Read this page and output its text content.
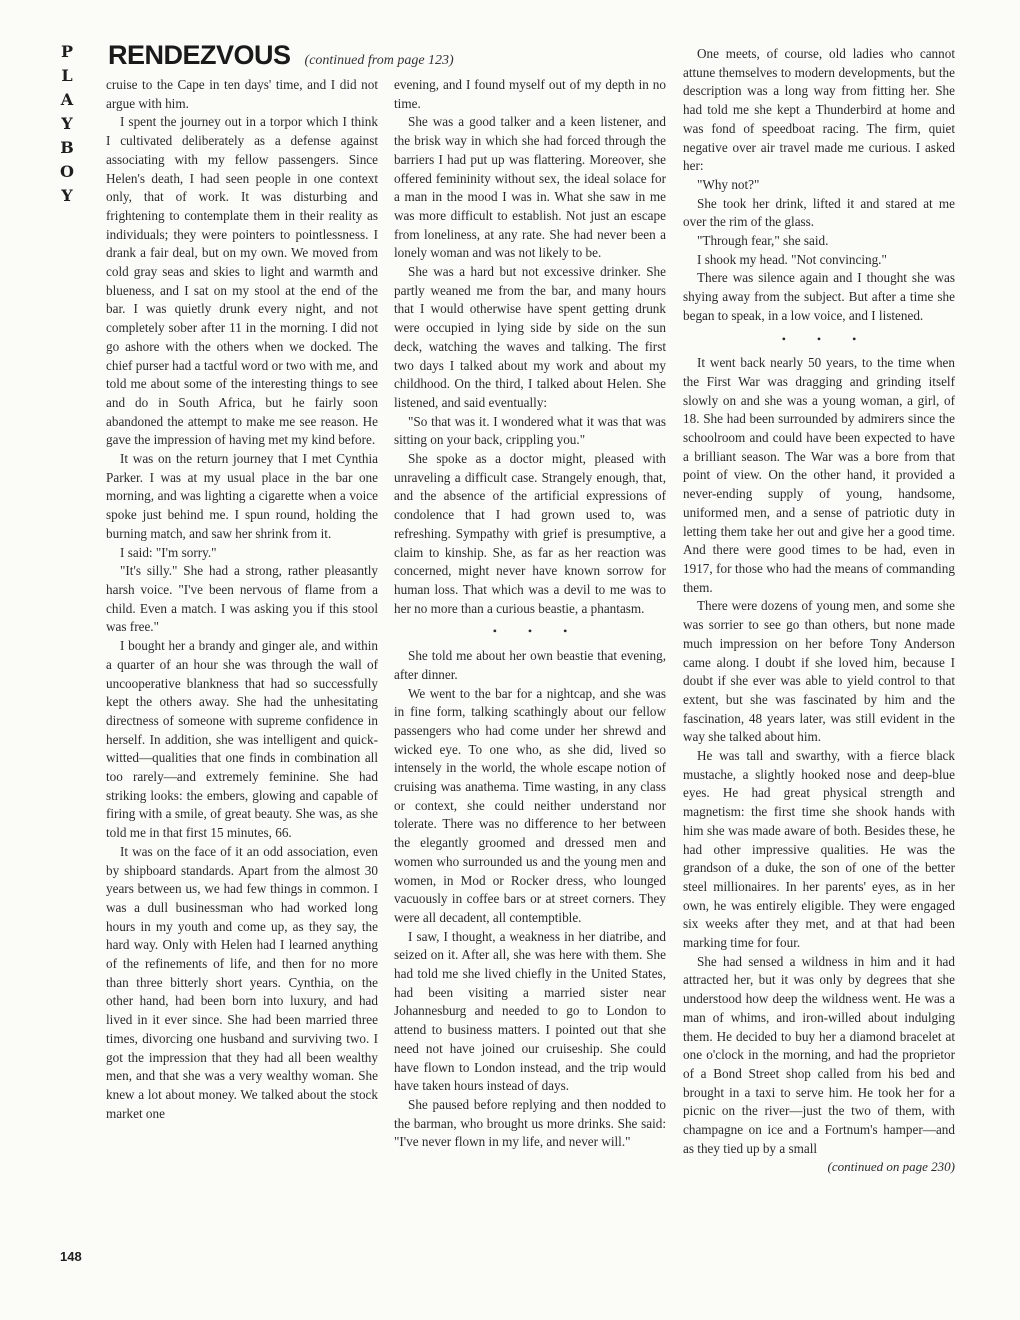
P
L
A
Y
B
O
Y
RENDEZVOUS (continued from page 123)

cruise to the Cape in ten days' time, and I did not argue with him.

I spent the journey out in a torpor which I think I cultivated deliberately as a defense against associating with my fellow passengers. Since Helen's death, I had seen people in one context only, that of work. It was disturbing and frightening to contemplate them in their reality as individuals; they were pointers to pointlessness. I drank a fair deal, but on my own. We moved from cold gray seas and skies to light and warmth and blueness, and I sat on my stool at the end of the bar. I was quietly drunk every night, and not completely sober after 11 in the morning. I did not go ashore with the others when we docked. The chief purser had a tactful word or two with me, and told me about some of the interesting things to see and do in South Africa, but he fairly soon abandoned the attempt to make me see reason. He gave the impression of having met my kind before.

It was on the return journey that I met Cynthia Parker. I was at my usual place in the bar one morning, and was lighting a cigarette when a voice spoke just behind me. I spun round, holding the burning match, and saw her shrink from it.

I said: "I'm sorry."

"It's silly." She had a strong, rather pleasantly harsh voice. "I've been nervous of flame from a child. Even a match. I was asking you if this stool was free."

I bought her a brandy and ginger ale, and within a quarter of an hour she was through the wall of uncooperative blankness that had so successfully kept the others away. She had the unhesitating directness of someone with supreme confidence in herself. In addition, she was intelligent and quick-witted—qualities that one finds in combination all too rarely—and extremely feminine. She had striking looks: the embers, glowing and capable of firing with a smile, of great beauty. She was, as she told me in that first 15 minutes, 66.

It was on the face of it an odd association, even by shipboard standards. Apart from the almost 30 years between us, we had few things in common. I was a dull businessman who had worked long hours in my youth and come up, as they say, the hard way. Only with Helen had I learned anything of the refinements of life, and then for no more than three bitterly short years. Cynthia, on the other hand, had been born into luxury, and had lived in it ever since. She had been married three times, divorcing one husband and surviving two. I got the impression that they had all been wealthy men, and that she was a very wealthy woman. She knew a lot about money. We talked about the stock market one

evening, and I found myself out of my depth in no time.

She was a good talker and a keen listener, and the brisk way in which she had forced through the barriers I had put up was flattering. Moreover, she offered femininity without sex, the ideal solace for a man in the mood I was in. What she saw in me was more difficult to establish. Not just an escape from loneliness, at any rate. She had never been a lonely woman and was not likely to be.

She was a hard but not excessive drinker. She partly weaned me from the bar, and many hours that I would otherwise have spent getting drunk were occupied in lying side by side on the sun deck, watching the waves and talking. The first two days I talked about my work and about my childhood. On the third, I talked about Helen. She listened, and said eventually:

"So that was it. I wondered what it was that was sitting on your back, crippling you."

She spoke as a doctor might, pleased with unraveling a difficult case. Strangely enough, that, and the absence of the artificial expressions of condolence that I had grown used to, was refreshing. Sympathy with grief is presumptive, a claim to kinship. She, as far as her reaction was concerned, might never have known sorrow for human loss. That which was a devil to me was to her no more than a curious beastie, a phantasm.

• • •

She told me about her own beastie that evening, after dinner.

We went to the bar for a nightcap, and she was in fine form, talking scathingly about our fellow passengers who had come under her shrewd and wicked eye. To one who, as she did, lived so intensely in the world, the whole escape notion of cruising was anathema. Time wasting, in any class or context, she could neither understand nor tolerate. There was no difference to her between the elegantly groomed and dressed men and women who surrounded us and the young men and women, in Mod or Rocker dress, who lounged vacuously in coffee bars or at street corners. They were all decadent, all contemptible.

I saw, I thought, a weakness in her diatribe, and seized on it. After all, she was here with them. She had told me she lived chiefly in the United States, had been visiting a married sister near Johannesburg and needed to go to London to attend to business matters. I pointed out that she need not have joined our cruiseship. She could have flown to London instead, and the trip would have taken hours instead of days.

She paused before replying and then nodded to the barman, who brought us more drinks. She said: "I've never flown in my life, and never will."

One meets, of course, old ladies who cannot attune themselves to modern developments, but the description was a long way from fitting her. She had told me she kept a Thunderbird at home and was fond of speedboat racing. The firm, quiet negative over air travel made me curious. I asked her:

"Why not?"

She took her drink, lifted it and stared at me over the rim of the glass.

"Through fear," she said.

I shook my head. "Not convincing."

There was silence again and I thought she was shying away from the subject. But after a time she began to speak, in a low voice, and I listened.

• • •

It went back nearly 50 years, to the time when the First War was dragging and grinding itself slowly on and she was a young woman, a girl, of 18. She had been surrounded by admirers since the schoolroom and could have been expected to have a brilliant season. The War was a bore from that point of view. On the other hand, it provided a never-ending supply of young, handsome, uniformed men, and a sense of patriotic duty in letting them take her out and give her a good time. And there were good times to be had, even in 1917, for those who had the means of commanding them.

There were dozens of young men, and some she was sorrier to see go than others, but none made much impression on her before Tony Anderson came along. I doubt if she loved him, because I doubt if she ever was able to yield control to that extent, but she was fascinated by him and the fascination, 48 years later, was still evident in the way she talked about him.

He was tall and swarthy, with a fierce black mustache, a slightly hooked nose and deep-blue eyes. He had great physical strength and magnetism: the first time she shook hands with him she was made aware of both. Besides these, he had other impressive qualities. He was the grandson of a duke, the son of one of the better steel millionaires. In her parents' eyes, as in her own, he was entirely eligible. They were engaged six weeks after they met, and at that had been marking time for four.

She had sensed a wildness in him and it had attracted her, but it was only by degrees that she understood how deep the wildness went. He was a man of whims, and iron-willed about indulging them. He decided to buy her a diamond bracelet at one o'clock in the morning, and had the proprietor of a Bond Street shop called from his bed and brought in a taxi to serve him. He took her for a picnic on the river—just the two of them, with champagne on ice and a Fortnum's hamper—and as they tied up by a small

(continued on page 230)
148
